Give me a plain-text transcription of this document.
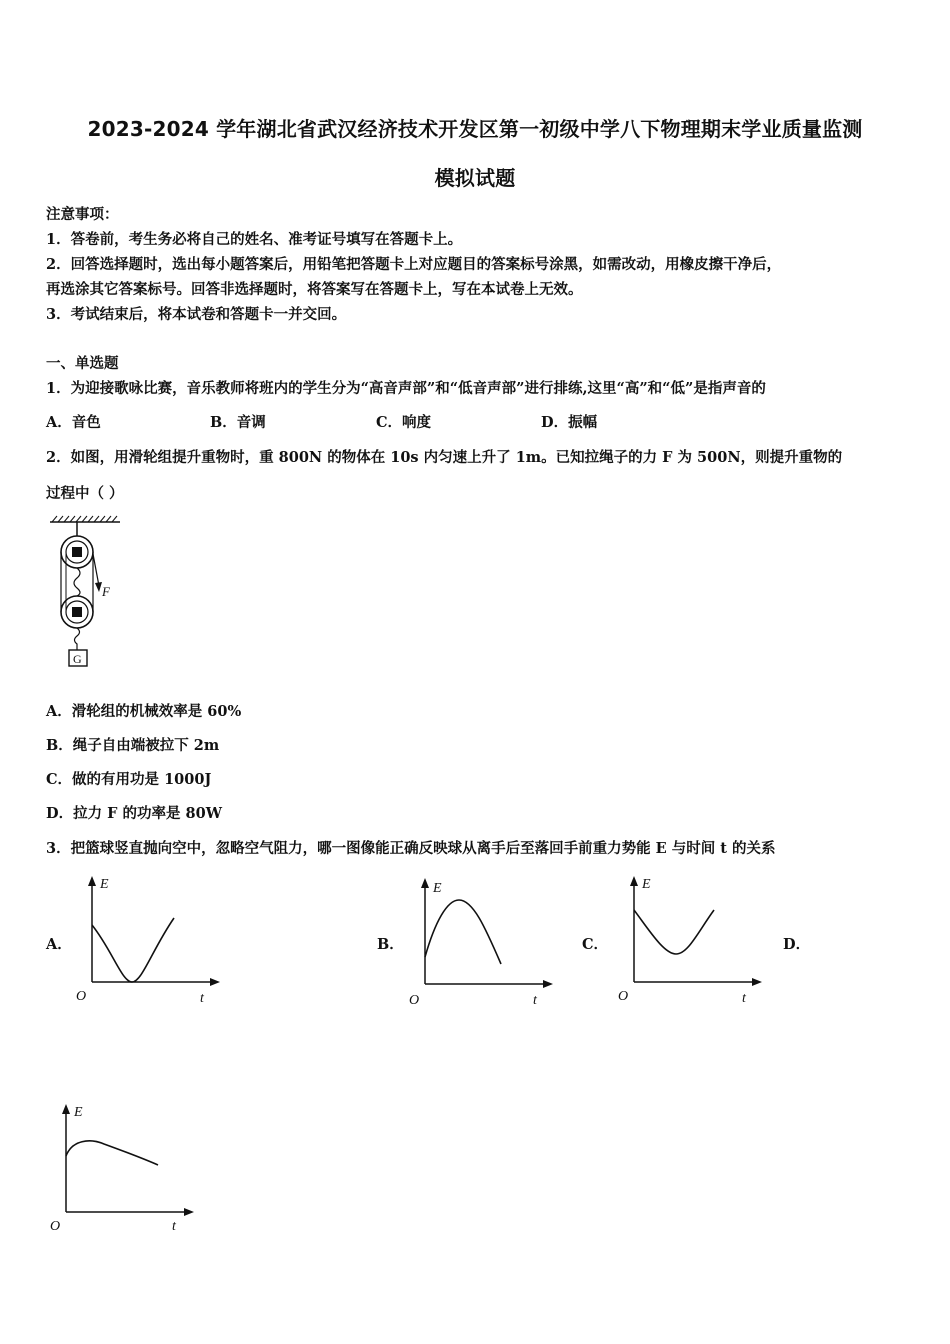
2023-2024 学年湖北省武汉经济技术开发区第一初级中学八下物理期末学业质量监测
模拟试题
注意事项：
1．答卷前，考生务必将自己的姓名、准考证号填写在答题卡上。
2．回答选择题时，选出每小题答案后，用铅笔把答题卡上对应题目的答案标号涂黑，如需改动，用橡皮擦干净后，
再选涂其它答案标号。回答非选择题时，将答案写在答题卡上，写在本试卷上无效。
3．考试结束后，将本试卷和答题卡一并交回。
一、单选题
1．为迎接歌咏比赛，音乐教师将班内的学生分为“高音声部”和“低音声部”进行排练,这里“高”和“低”是指声音的
A．音色	B．音调	C．响度	D．振幅
2．如图，用滑轮组提升重物时，重 800N 的物体在 10s 内匀速上升了 1m。已知拉绳子的力 F 为 500N，则提升重物的
过程中（ ）
F
G
A．滑轮组的机械效率是 60%
B．绳子自由端被拉下 2m
C．做的有用功是 1000J
D．拉力 F 的功率是 80W
3．把篮球竖直抛向空中，忽略空气阻力，哪一图像能正确反映球从离手后至落回手前重力势能 E 与时间 t 的关系
A．	B．	C．	D．
E
t
O
E
t
O
E
t
O
E
t
O
